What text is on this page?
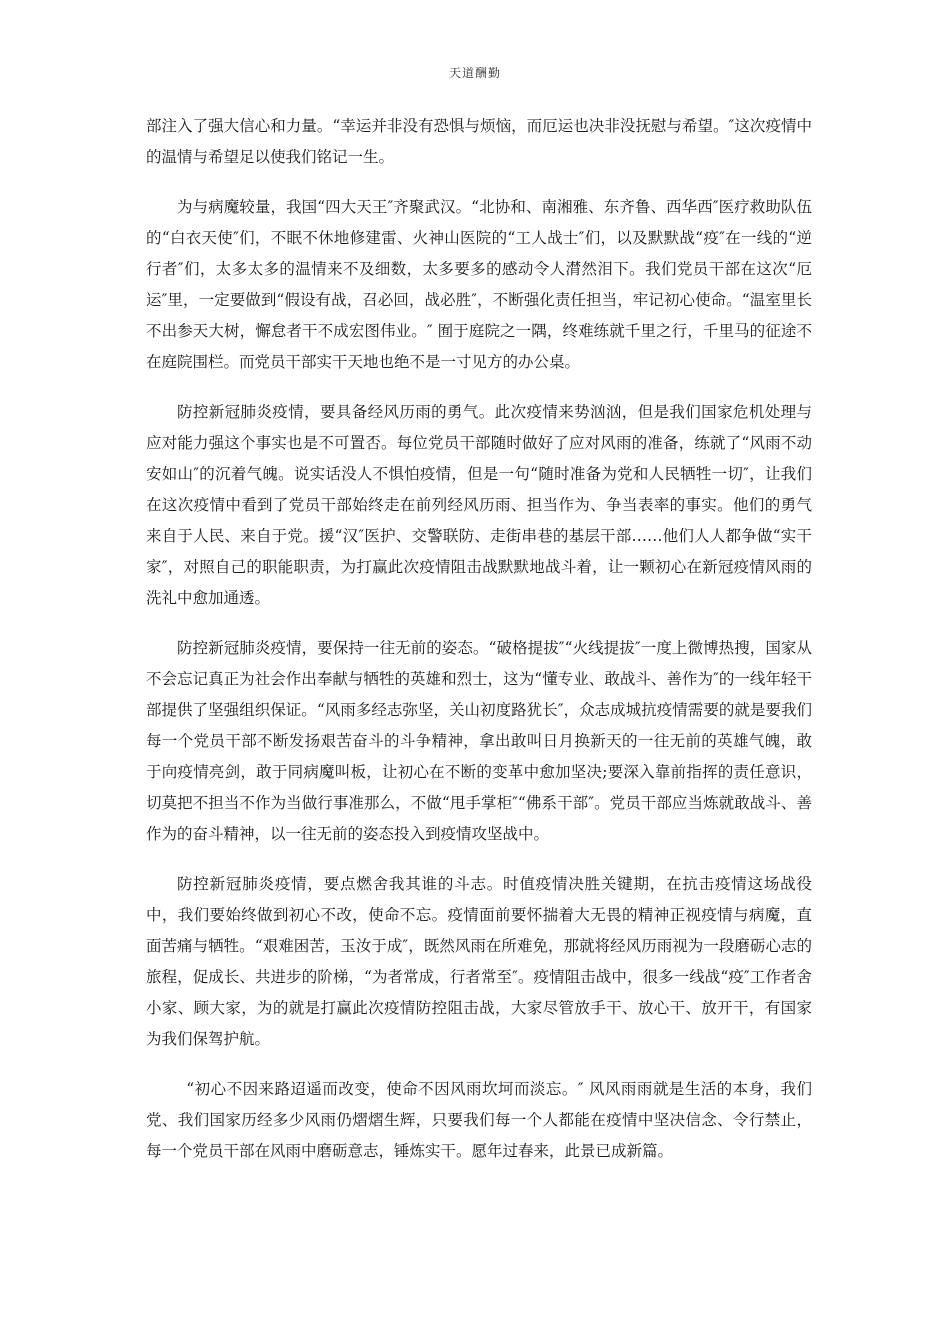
天道酬勤

部注入了强大信心和力量。“幸运并非没有恐惧与烦恼，而厄运也决非没抚慰与希望。″这次疫情中的温情与希望足以使我们铭记一生。

为与病魔较量，我国“四大天王″齐聚武汉。“北协和、南湘雅、东齐鲁、西华西″医疗救助队伍的“白衣天使″们，不眠不休地修建雷、火神山医院的“工人战士″们，以及默默战“疫″在一线的“逆行者″们，太多太多的温情来不及细数，太多要多的感动令人潸然泪下。我们党员干部在这次“厄运″里，一定要做到“假设有战，召必回，战必胜″，不断强化责任担当，牢记初心使命。“温室里长不出参天大树，懈怠者干不成宏图伟业。″ 囿于庭院之一隅，终难练就千里之行，千里马的征途不在庭院围栏。而党员干部实干天地也绝不是一寸见方的办公桌。

防控新冠肺炎疫情，要具备经风历雨的勇气。此次疫情来势汹汹，但是我们国家危机处理与应对能力强这个事实也是不可置否。每位党员干部随时做好了应对风雨的准备，练就了“风雨不动安如山″的沉着气魄。说实话没人不惧怕疫情，但是一句“随时准备为党和人民牺牲一切″，让我们在这次疫情中看到了党员干部始终走在前列经风历雨、担当作为、争当表率的事实。他们的勇气来自于人民、来自于党。援“汉″医护、交警联防、走街串巷的基层干部……他们人人都争做“实干家″，对照自己的职能职责，为打赢此次疫情阻击战默默地战斗着，让一颗初心在新冠疫情风雨的洗礼中愈加通透。

防控新冠肺炎疫情，要保持一往无前的姿态。“破格提拔″“火线提拔″一度上微博热搜，国家从不会忘记真正为社会作出奉献与牺牲的英雄和烈士，这为“懂专业、敢战斗、善作为″的一线年轻干部提供了坚强组织保证。“风雨多经志弥坚，关山初度路犹长″，众志成城抗疫情需要的就是要我们每一个党员干部不断发扬艰苦奋斗的斗争精神，拿出敢叫日月换新天的一往无前的英雄气魄，敢于向疫情亮剑，敢于同病魔叫板，让初心在不断的变革中愈加坚决;要深入靠前指挥的责任意识，切莫把不担当不作为当做行事准那么，不做“甩手掌柜″“佛系干部″。党员干部应当炼就敢战斗、善作为的奋斗精神，以一往无前的姿态投入到疫情攻坚战中。

防控新冠肺炎疫情，要点燃舍我其谁的斗志。时值疫情决胜关键期，在抗击疫情这场战役中，我们要始终做到初心不改，使命不忘。疫情面前要怀揣着大无畏的精神正视疫情与病魔，直面苦痛与牺牲。“艰难困苦，玉汝于成″，既然风雨在所难免，那就将经风历雨视为一段磨砺心志的旅程，促成长、共进步的阶梯，“为者常成，行者常至″。疫情阻击战中，很多一线战“疫″工作者舍小家、顾大家，为的就是打赢此次疫情防控阻击战，大家尽管放手干、放心干、放开干，有国家为我们保驾护航。

“初心不因来路迢遥而改变，使命不因风雨坎坷而淡忘。″ 风风雨雨就是生活的本身，我们党、我们国家历经多少风雨仍熠熠生辉，只要我们每一个人都能在疫情中坚决信念、令行禁止，每一个党员干部在风雨中磨砺意志，锤炼实干。愿年过春来，此景已成新篇。
